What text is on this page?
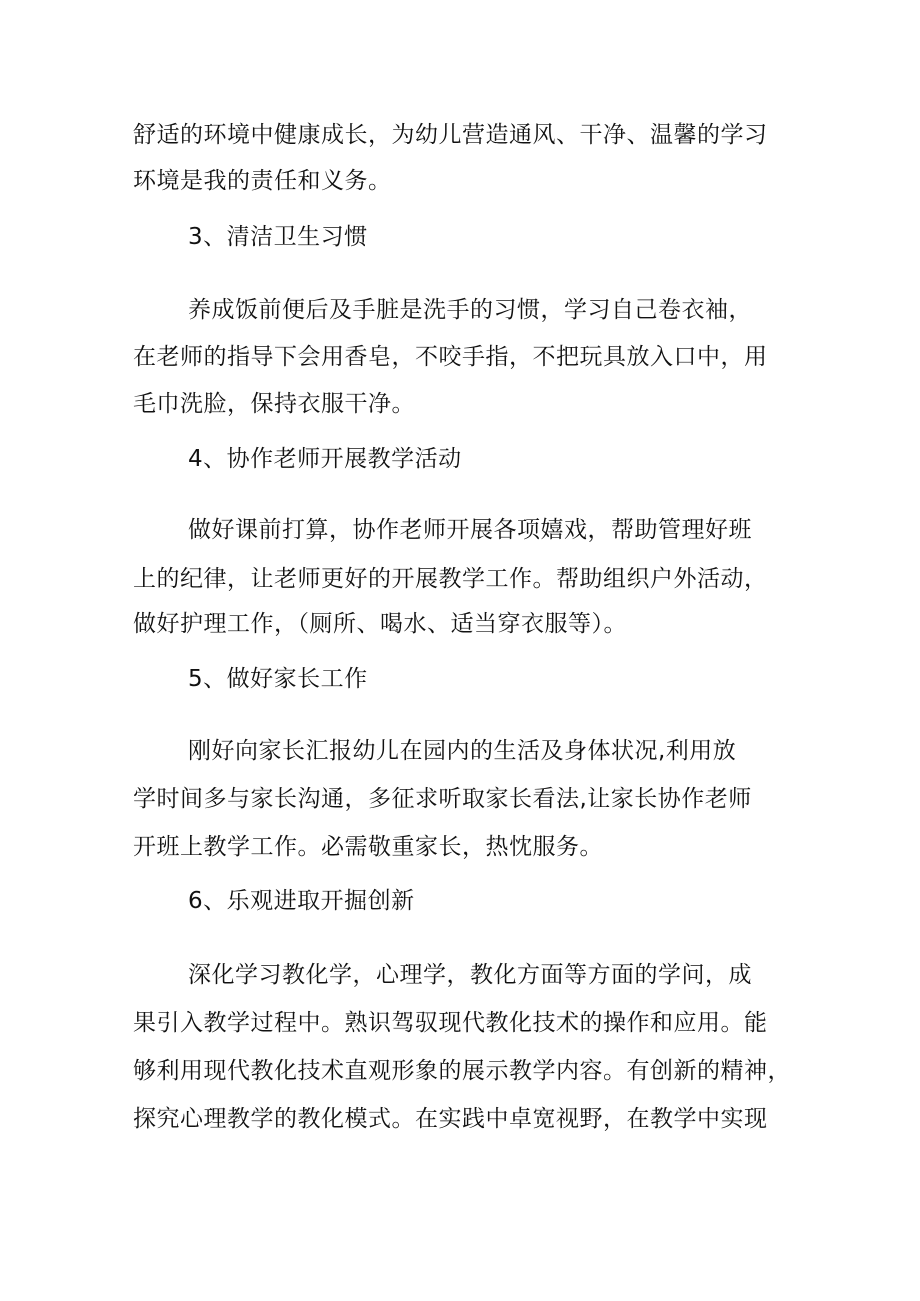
舒适的环境中健康成长，为幼儿营造通风、干净、温馨的学习
环境是我的责任和义务。
3、清洁卫生习惯
养成饭前便后及手脏是洗手的习惯，学习自己卷衣袖，
在老师的指导下会用香皂，不咬手指，不把玩具放入口中，用
毛巾洗脸，保持衣服干净。
4、协作老师开展教学活动
做好课前打算，协作老师开展各项嬉戏，帮助管理好班
上的纪律，让老师更好的开展教学工作。帮助组织户外活动，
做好护理工作，（厕所、喝水、适当穿衣服等）。
5、做好家长工作
刚好向家长汇报幼儿在园内的生活及身体状况,利用放
学时间多与家长沟通，多征求听取家长看法,让家长协作老师
开班上教学工作。必需敬重家长，热忱服务。
6、乐观进取开掘创新
深化学习教化学，心理学，教化方面等方面的学问，成
果引入教学过程中。熟识驾驭现代教化技术的操作和应用。能
够利用现代教化技术直观形象的展示教学内容。有创新的精神，
探究心理教学的教化模式。在实践中卓宽视野，在教学中实现
